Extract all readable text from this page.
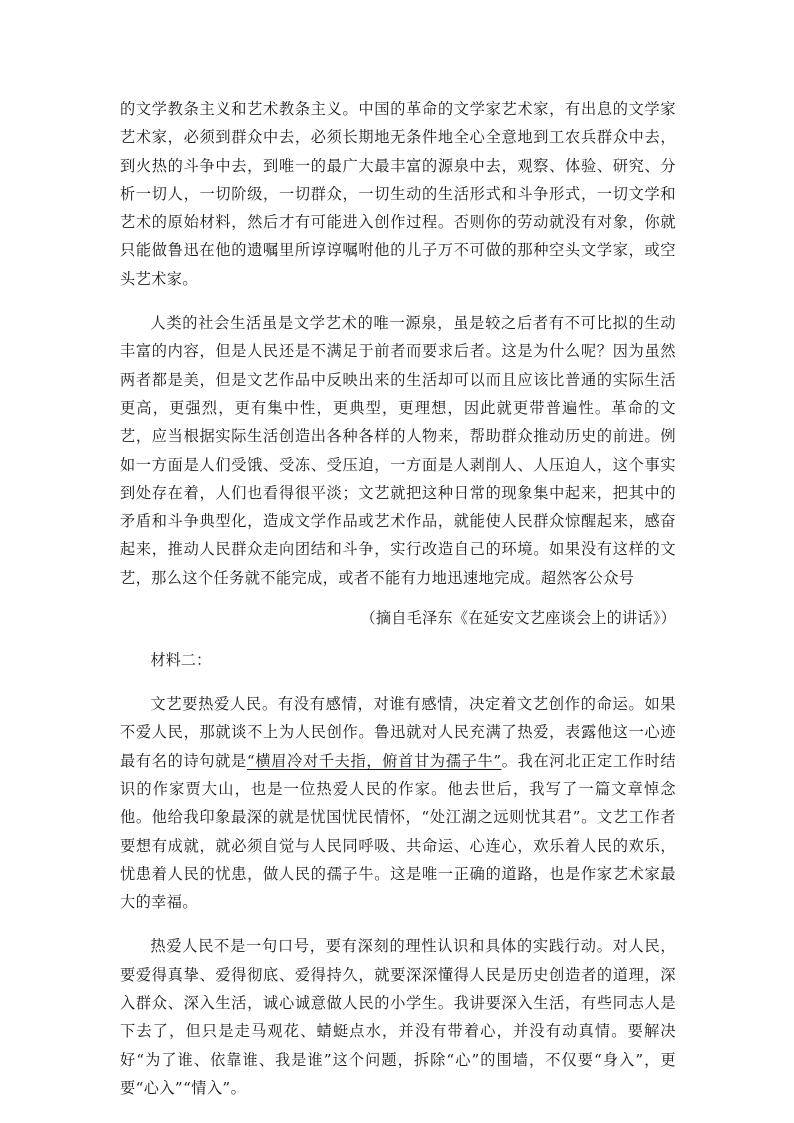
的文学教条主义和艺术教条主义。中国的革命的文学家艺术家，有出息的文学家艺术家，必须到群众中去，必须长期地无条件地全心全意地到工农兵群众中去，到火热的斗争中去，到唯一的最广大最丰富的源泉中去，观察、体验、研究、分析一切人，一切阶级，一切群众，一切生动的生活形式和斗争形式，一切文学和艺术的原始材料，然后才有可能进入创作过程。否则你的劳动就没有对象，你就只能做鲁迅在他的遗嘱里所谆谆嘱咐他的儿子万不可做的那种空头文学家，或空头艺术家。

人类的社会生活虽是文学艺术的唯一源泉，虽是较之后者有不可比拟的生动丰富的内容，但是人民还是不满足于前者而要求后者。这是为什么呢？因为虽然两者都是美，但是文艺作品中反映出来的生活却可以而且应该比普通的实际生活更高，更强烈，更有集中性，更典型，更理想，因此就更带普遍性。革命的文艺，应当根据实际生活创造出各种各样的人物来，帮助群众推动历史的前进。例如一方面是人们受饿、受冻、受压迫，一方面是人剥削人、人压迫人，这个事实到处存在着，人们也看得很平淡；文艺就把这种日常的现象集中起来，把其中的矛盾和斗争典型化，造成文学作品或艺术作品，就能使人民群众惊醒起来，感奋起来，推动人民群众走向团结和斗争，实行改造自己的环境。如果没有这样的文艺，那么这个任务就不能完成，或者不能有力地迅速地完成。超然客公众号

（摘自毛泽东《在延安文艺座谈会上的讲话》）

材料二：

文艺要热爱人民。有没有感情，对谁有感情，决定着文艺创作的命运。如果不爱人民，那就谈不上为人民创作。鲁迅就对人民充满了热爱，表露他这一心迹最有名的诗句就是“横眉冷对千夫指，俯首甘为孺子牛”。我在河北正定工作时结识的作家贾大山，也是一位热爱人民的作家。他去世后，我写了一篇文章悼念他。他给我印象最深的就是忧国忧民情怀，“处江湖之远则忧其君”。文艺工作者要想有成就，就必须自觉与人民同呼吸、共命运、心连心，欢乐着人民的欢乐，忧患着人民的忧患，做人民的孺子牛。这是唯一正确的道路，也是作家艺术家最大的幸福。

热爱人民不是一句口号，要有深刻的理性认识和具体的实践行动。对人民，要爱得真挚、爱得彻底、爱得持久，就要深深懂得人民是历史创造者的道理，深入群众、深入生活，诚心诚意做人民的小学生。我讲要深入生活，有些同志人是下去了，但只是走马观花、蜻蜓点水，并没有带着心，并没有动真情。要解决好“为了谁、依靠谁、我是谁”这个问题，拆除“心”的围墙，不仅要“身入”，更要“心入”“情入”。
